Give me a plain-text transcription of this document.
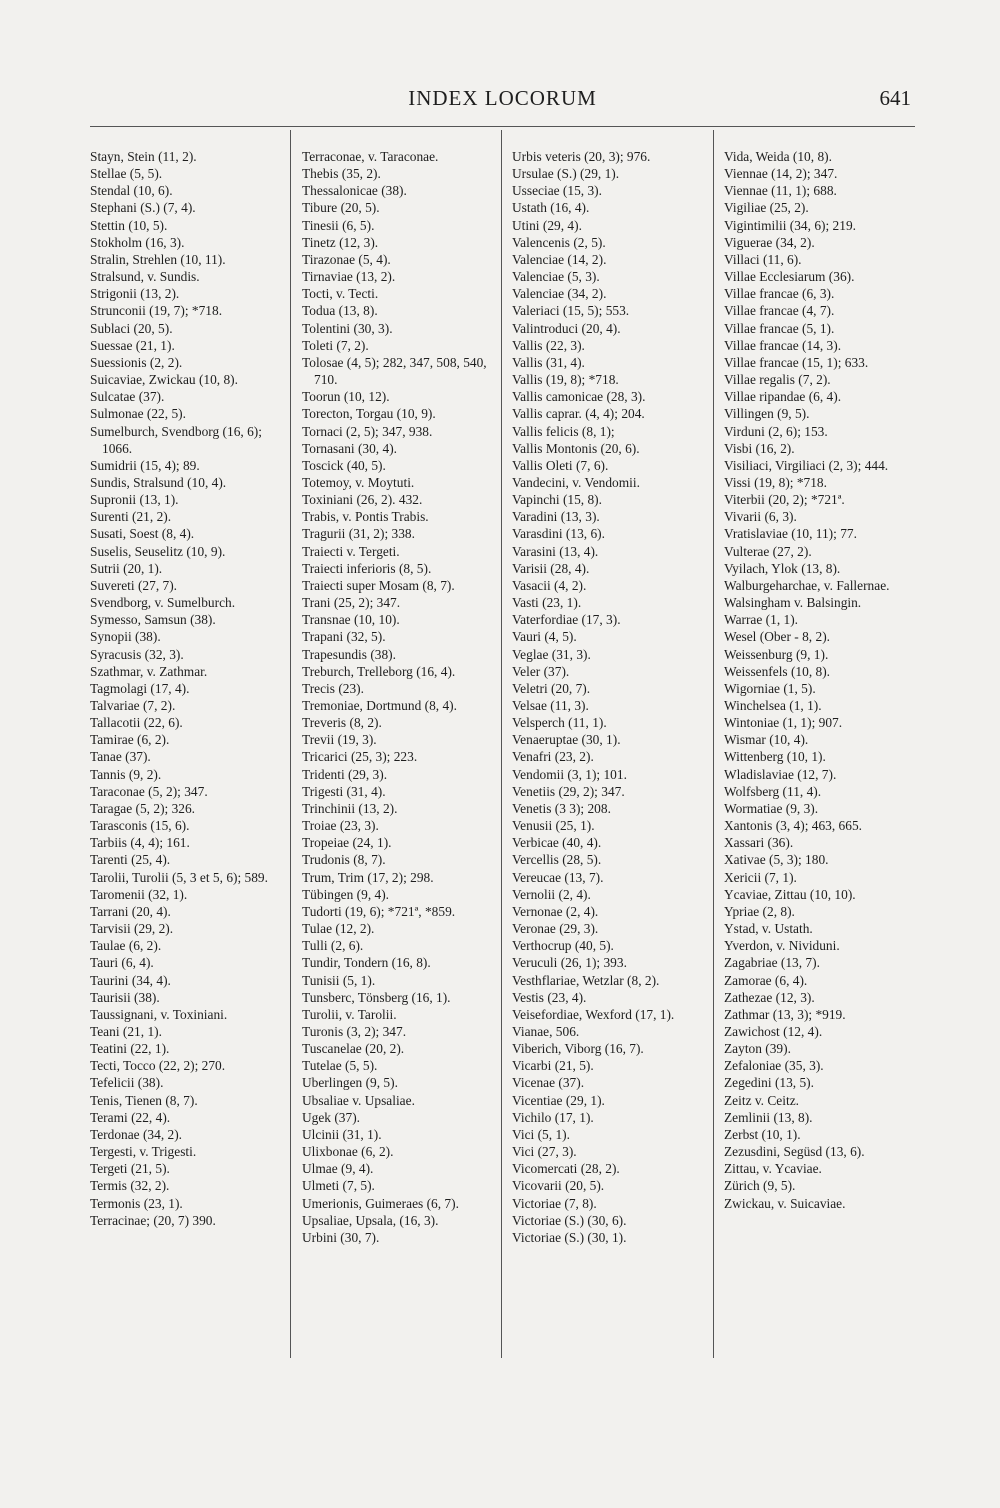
INDEX LOCORUM	641
Stayn, Stein (11, 2).
Stellae (5, 5).
Stendal (10, 6).
Stephani (S.) (7, 4).
Stettin (10, 5).
Stokholm (16, 3).
Stralin, Strehlen (10, 11).
Stralsund, v. Sundis.
Strigonii (13, 2).
Strunconii (19, 7); *718.
Sublaci (20, 5).
Suessae (21, 1).
Suessionis (2, 2).
Suicaviae, Zwickau (10, 8).
Sulcatae (37).
Sulmonae (22, 5).
Sumelburch, Svendborg (16, 6); 1066.
Sumidrii (15, 4); 89.
Sundis, Stralsund (10, 4).
Supronii (13, 1).
Surenti (21, 2).
Susati, Soest (8, 4).
Suselis, Seuselitz (10, 9).
Sutrii (20, 1).
Suvereti (27, 7).
Svendborg, v. Sumelburch.
Symesso, Samsun (38).
Synopii (38).
Syracusis (32, 3).
Szathmar, v. Zathmar.
Tagmolagi (17, 4).
Talvariae (7, 2).
Tallacotii (22, 6).
Tamirae (6, 2).
Tanae (37).
Tannis (9, 2).
Taraconae (5, 2); 347.
Taragae (5, 2); 326.
Tarasconis (15, 6).
Tarbiis (4, 4); 161.
Tarenti (25, 4).
Tarolii, Turolii (5, 3 et 5, 6); 589.
Taromenii (32, 1).
Tarrani (20, 4).
Tarvisii (29, 2).
Taulae (6, 2).
Tauri (6, 4).
Taurini (34, 4).
Taurisii (38).
Taussignani, v. Toxiniani.
Teani (21, 1).
Teatini (22, 1).
Tecti, Tocco (22, 2); 270.
Tefelicii (38).
Tenis, Tienen (8, 7).
Terami (22, 4).
Terdonae (34, 2).
Tergesti, v. Trigesti.
Tergeti (21, 5).
Termis (32, 2).
Termonis (23, 1).
Terracinae; (20, 7) 390.
Terraconae, v. Taraconae.
Thebis (35, 2).
Thessalonicae (38).
Tibure (20, 5).
Tinesii (6, 5).
Tinetz (12, 3).
Tirazonae (5, 4).
Tirnaviae (13, 2).
Tocti, v. Tecti.
Todua (13, 8).
Tolentini (30, 3).
Toleti (7, 2).
Tolosae (4, 5); 282, 347, 508, 540, 710.
Toorun (10, 12).
Torecton, Torgau (10, 9).
Tornaci (2, 5); 347, 938.
Tornasani (30, 4).
Toscick (40, 5).
Totemoy, v. Moytuti.
Toxiniani (26, 2). 432.
Trabis, v. Pontis Trabis.
Tragurii (31, 2); 338.
Traiecti v. Tergeti.
Traiecti inferioris (8, 5).
Traiecti super Mosam (8, 7).
Trani (25, 2); 347.
Transnae (10, 10).
Trapani (32, 5).
Trapesundis (38).
Treburch, Trelleborg (16, 4).
Trecis (23).
Tremoniae, Dortmund (8, 4).
Treveris (8, 2).
Trevii (19, 3).
Tricarici (25, 3); 223.
Tridenti (29, 3).
Trigesti (31, 4).
Trinchinii (13, 2).
Troiae (23, 3).
Tropeiae (24, 1).
Trudonis (8, 7).
Trum, Trim (17, 2); 298.
Tübingen (9, 4).
Tudorti (19, 6); *721ª, *859.
Tulae (12, 2).
Tulli (2, 6).
Tundir, Tondern (16, 8).
Tunisii (5, 1).
Tunsberc, Tönsberg (16, 1).
Turolii, v. Tarolii.
Turonis (3, 2); 347.
Tuscanelae (20, 2).
Tutelae (5, 5).
Uberlingen (9, 5).
Ubsaliae v. Upsaliae.
Ugek (37).
Ulcinii (31, 1).
Ulixbonae (6, 2).
Ulmae (9, 4).
Ulmeti (7, 5).
Umerionis, Guimeraes (6, 7).
Upsaliae, Upsala, (16, 3).
Urbini (30, 7).
Urbis veteris (20, 3); 976.
Ursulae (S.) (29, 1).
Usseciae (15, 3).
Ustath (16, 4).
Utini (29, 4).
Valencenis (2, 5).
Valenciae (14, 2).
Valenciae (5, 3).
Valenciae (34, 2).
Valeriaci (15, 5); 553.
Valintroduci (20, 4).
Vallis (22, 3).
Vallis (31, 4).
Vallis (19, 8); *718.
Vallis camonicae (28, 3).
Vallis caprar. (4, 4); 204.
Vallis felicis (8, 1);
Vallis Montonis (20, 6).
Vallis Oleti (7, 6).
Vandecini, v. Vendomii.
Vapinchi (15, 8).
Varadini (13, 3).
Varasdini (13, 6).
Varasini (13, 4).
Varisii (28, 4).
Vasacii (4, 2).
Vasti (23, 1).
Vaterfordiae (17, 3).
Vauri (4, 5).
Veglae (31, 3).
Veler (37).
Veletri (20, 7).
Velsae (11, 3).
Velsperch (11, 1).
Venaeruptae (30, 1).
Venafri (23, 2).
Vendomii (3, 1); 101.
Venetiis (29, 2); 347.
Venetis (3 3); 208.
Venusii (25, 1).
Verbicae (40, 4).
Vercellis (28, 5).
Vereucae (13, 7).
Vernolii (2, 4).
Vernonae (2, 4).
Veronae (29, 3).
Verthocrup (40, 5).
Veruculi (26, 1); 393.
Vesthflariae, Wetzlar (8, 2).
Vestis (23, 4).
Veisefordiae, Wexford (17, 1).
Vianae, 506.
Viberich, Viborg (16, 7).
Vicarbi (21, 5).
Vicenae (37).
Vicentiae (29, 1).
Vichilo (17, 1).
Vici (5, 1).
Vici (27, 3).
Vicomercati (28, 2).
Vicovarii (20, 5).
Victoriae (7, 8).
Victoriae (S.) (30, 6).
Victoriae (S.) (30, 1).
Vida, Weida (10, 8).
Viennae (14, 2); 347.
Viennae (11, 1); 688.
Vigiliae (25, 2).
Vigintimilii (34, 6); 219.
Viguerae (34, 2).
Villaci (11, 6).
Villae Ecclesiarum (36).
Villae francae (6, 3).
Villae francae (4, 7).
Villae francae (5, 1).
Villae francae (14, 3).
Villae francae (15, 1); 633.
Villae regalis (7, 2).
Villae ripandae (6, 4).
Villingen (9, 5).
Virduni (2, 6); 153.
Visbi (16, 2).
Visiliaci, Virgiliaci (2, 3); 444.
Vissi (19, 8); *718.
Viterbii (20, 2); *721ª.
Vivarii (6, 3).
Vratislaviae (10, 11); 77.
Vulterae (27, 2).
Vyilach, Ylok (13, 8).
Walburgeharchae, v. Fallernae.
Walsingham v. Balsingin.
Warrae (1, 1).
Wesel (Ober - 8, 2).
Weissenburg (9, 1).
Weissenfels (10, 8).
Wigorniae (1, 5).
Winchelsea (1, 1).
Wintoniae (1, 1); 907.
Wismar (10, 4).
Wittenberg (10, 1).
Wladislaviae (12, 7).
Wolfsberg (11, 4).
Wormatiae (9, 3).
Xantonis (3, 4); 463, 665.
Xassari (36).
Xativae (5, 3); 180.
Xericii (7, 1).
Ycaviae, Zittau (10, 10).
Ypriae (2, 8).
Ystad, v. Ustath.
Yverdon, v. Nividuni.
Zagabriae (13, 7).
Zamorae (6, 4).
Zathezae (12, 3).
Zathmar (13, 3); *919.
Zawichost (12, 4).
Zayton (39).
Zefaloniae (35, 3).
Zegedini (13, 5).
Zeitz v. Ceitz.
Zemlinii (13, 8).
Zerbst (10, 1).
Zezusdini, Següsd (13, 6).
Zittau, v. Ycaviae.
Zürich (9, 5).
Zwickau, v. Suicaviae.
